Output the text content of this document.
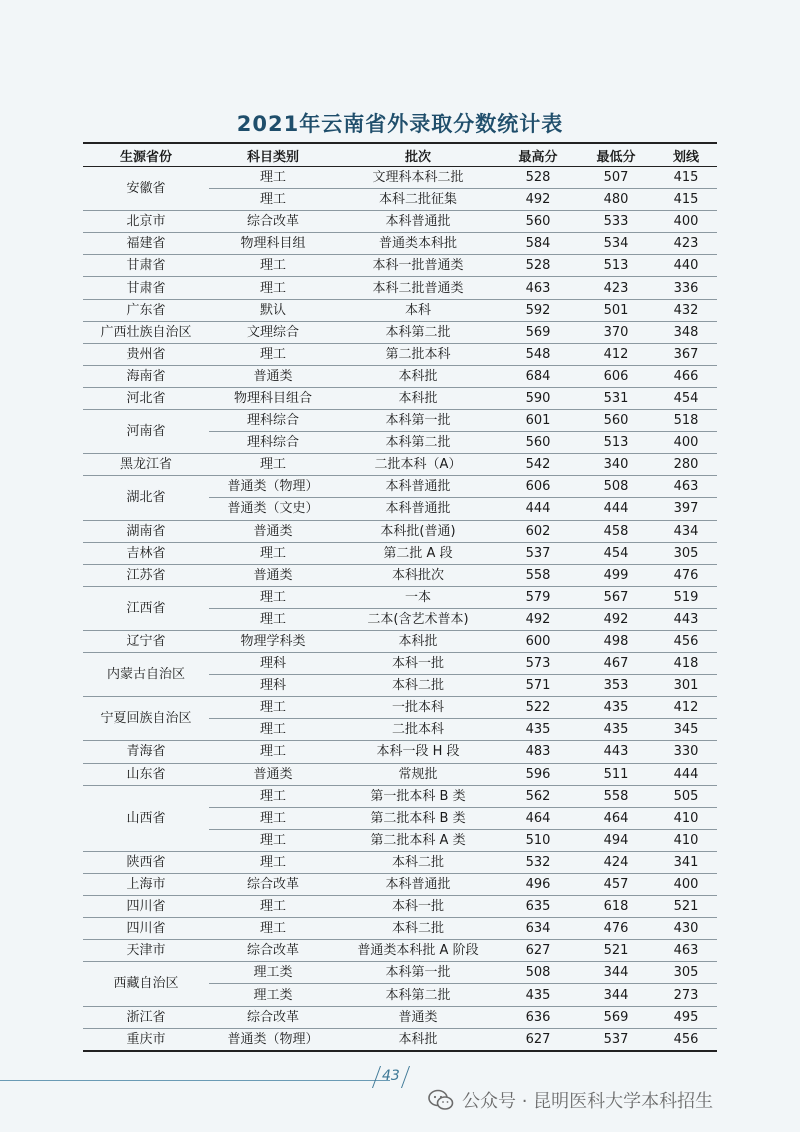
2021年云南省外录取分数统计表
生源省份	科目类别	批次	最高分	最低分	划线
安徽省	理工	文理科本科二批	528	507	415
	理工	本科二批征集	492	480	415
北京市	综合改革	本科普通批	560	533	400
福建省	物理科目组	普通类本科批	584	534	423
甘肃省	理工	本科一批普通类	528	513	440
甘肃省	理工	本科二批普通类	463	423	336
广东省	默认	本科	592	501	432
广西壮族自治区	文理综合	本科第二批	569	370	348
贵州省	理工	第二批本科	548	412	367
海南省	普通类	本科批	684	606	466
河北省	物理科目组合	本科批	590	531	454
河南省	理科综合	本科第一批	601	560	518
	理科综合	本科第二批	560	513	400
黑龙江省	理工	二批本科（A）	542	340	280
湖北省	普通类（物理）	本科普通批	606	508	463
	普通类（文史）	本科普通批	444	444	397
湖南省	普通类	本科批(普通)	602	458	434
吉林省	理工	第二批 A 段	537	454	305
江苏省	普通类	本科批次	558	499	476
江西省	理工	一本	579	567	519
	理工	二本(含艺术普本)	492	492	443
辽宁省	物理学科类	本科批	600	498	456
内蒙古自治区	理科	本科一批	573	467	418
	理科	本科二批	571	353	301
宁夏回族自治区	理工	一批本科	522	435	412
	理工	二批本科	435	435	345
青海省	理工	本科一段 H 段	483	443	330
山东省	普通类	常规批	596	511	444
山西省	理工	第一批本科 B 类	562	558	505
	理工	第二批本科 B 类	464	464	410
	理工	第二批本科 A 类	510	494	410
陕西省	理工	本科二批	532	424	341
上海市	综合改革	本科普通批	496	457	400
四川省	理工	本科一批	635	618	521
四川省	理工	本科二批	634	476	430
天津市	综合改革	普通类本科批 A 阶段	627	521	463
西藏自治区	理工类	本科第一批	508	344	305
	理工类	本科第二批	435	344	273
浙江省	综合改革	普通类	636	569	495
重庆市	普通类（物理）	本科批	627	537	456
43
公众号 · 昆明医科大学本科招生
